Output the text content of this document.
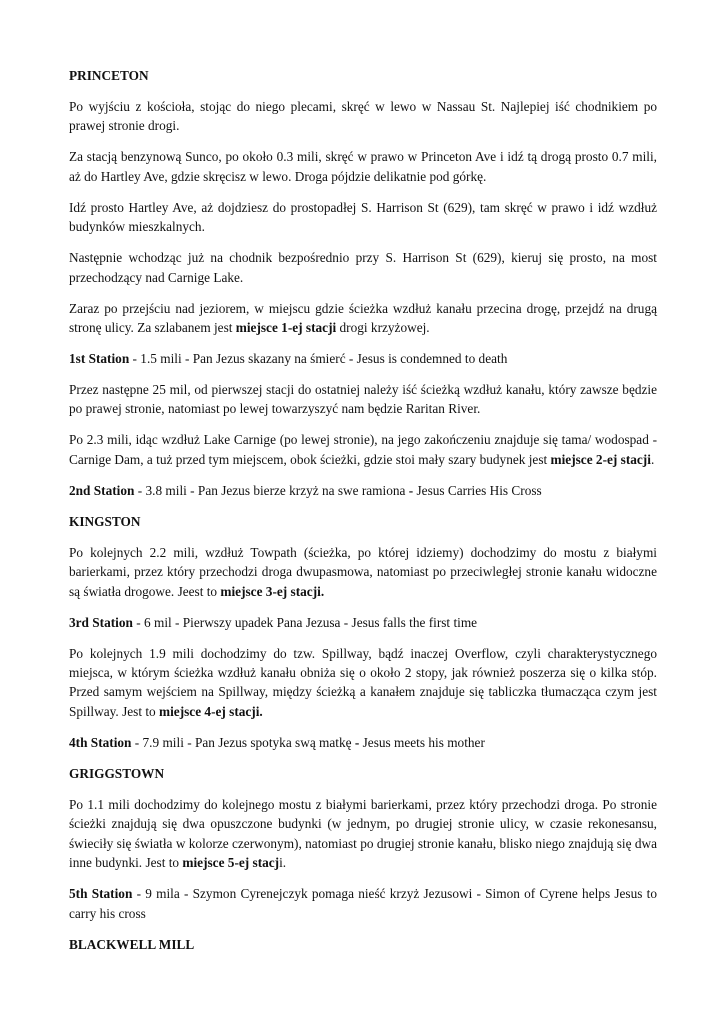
PRINCETON

Po wyjściu z kościoła, stojąc do niego plecami, skręć w lewo w Nassau St. Najlepiej iść chodnikiem po prawej stronie drogi.

Za stacją benzynową Sunco, po około 0.3 mili, skręć w prawo w Princeton Ave i idź tą drogą prosto 0.7 mili, aż do Hartley Ave, gdzie skręcisz w lewo. Droga pójdzie delikatnie pod górkę.

Idź prosto Hartley Ave, aż dojdziesz do prostopadłej S. Harrison St (629), tam skręć w prawo i idź wzdłuż budynków mieszkalnych.

Następnie wchodząc już na chodnik bezpośrednio przy S. Harrison St (629), kieruj się prosto, na most przechodzący nad Carnige Lake.

Zaraz po przejściu nad jeziorem, w miejscu gdzie ścieżka wzdłuż kanału przecina drogę, przejdź na drugą stronę ulicy. Za szlabanem jest miejsce 1-ej stacji drogi krzyżowej.

1st Station - 1.5 mili - Pan Jezus skazany na śmierć - Jesus is condemned to death

Przez następne 25 mil, od pierwszej stacji do ostatniej należy iść ścieżką wzdłuż kanału, który zawsze będzie po prawej stronie, natomiast po lewej towarzyszyć nam będzie Raritan River.

Po 2.3 mili, idąc wzdłuż Lake Carnige (po lewej stronie), na jego zakończeniu znajduje się tama/ wodospad - Carnige Dam, a tuż przed tym miejscem, obok ścieżki, gdzie stoi mały szary budynek jest miejsce 2-ej stacji.

2nd Station - 3.8 mili - Pan Jezus bierze krzyż na swe ramiona - Jesus Carries His Cross

KINGSTON

Po kolejnych 2.2 mili, wzdłuż Towpath (ścieżka, po której idziemy) dochodzimy do mostu z białymi barierkami, przez który przechodzi droga dwupasmowa, natomiast po przeciwległej stronie kanału widoczne są światła drogowe. Jeest to miejsce 3-ej stacji.

3rd Station - 6 mil - Pierwszy upadek Pana Jezusa - Jesus falls the first time

Po kolejnych 1.9 mili dochodzimy do tzw. Spillway, bądź inaczej Overflow, czyli charakterystycznego miejsca, w którym ścieżka wzdłuż kanału obniża się o około 2 stopy, jak również poszerza się o kilka stóp. Przed samym wejściem na Spillway, między ścieżką a kanałem znajduje się tabliczka tłumacząca czym jest Spillway. Jest to miejsce 4-ej stacji.

4th Station - 7.9 mili - Pan Jezus spotyka swą matkę - Jesus meets his mother

GRIGGSTOWN

Po 1.1 mili dochodzimy do kolejnego mostu z białymi barierkami, przez który przechodzi droga. Po stronie ścieżki znajdują się dwa opuszczone budynki (w jednym, po drugiej stronie ulicy, w czasie rekonesansu, świeciły się światła w kolorze czerwonym), natomiast po drugiej stronie kanału, blisko niego znajdują się dwa inne budynki. Jest to miejsce 5-ej stacji.

5th Station - 9 mila - Szymon Cyrenejczyk pomaga nieść krzyż Jezusowi - Simon of Cyrene helps Jesus to carry his cross

BLACKWELL MILL
